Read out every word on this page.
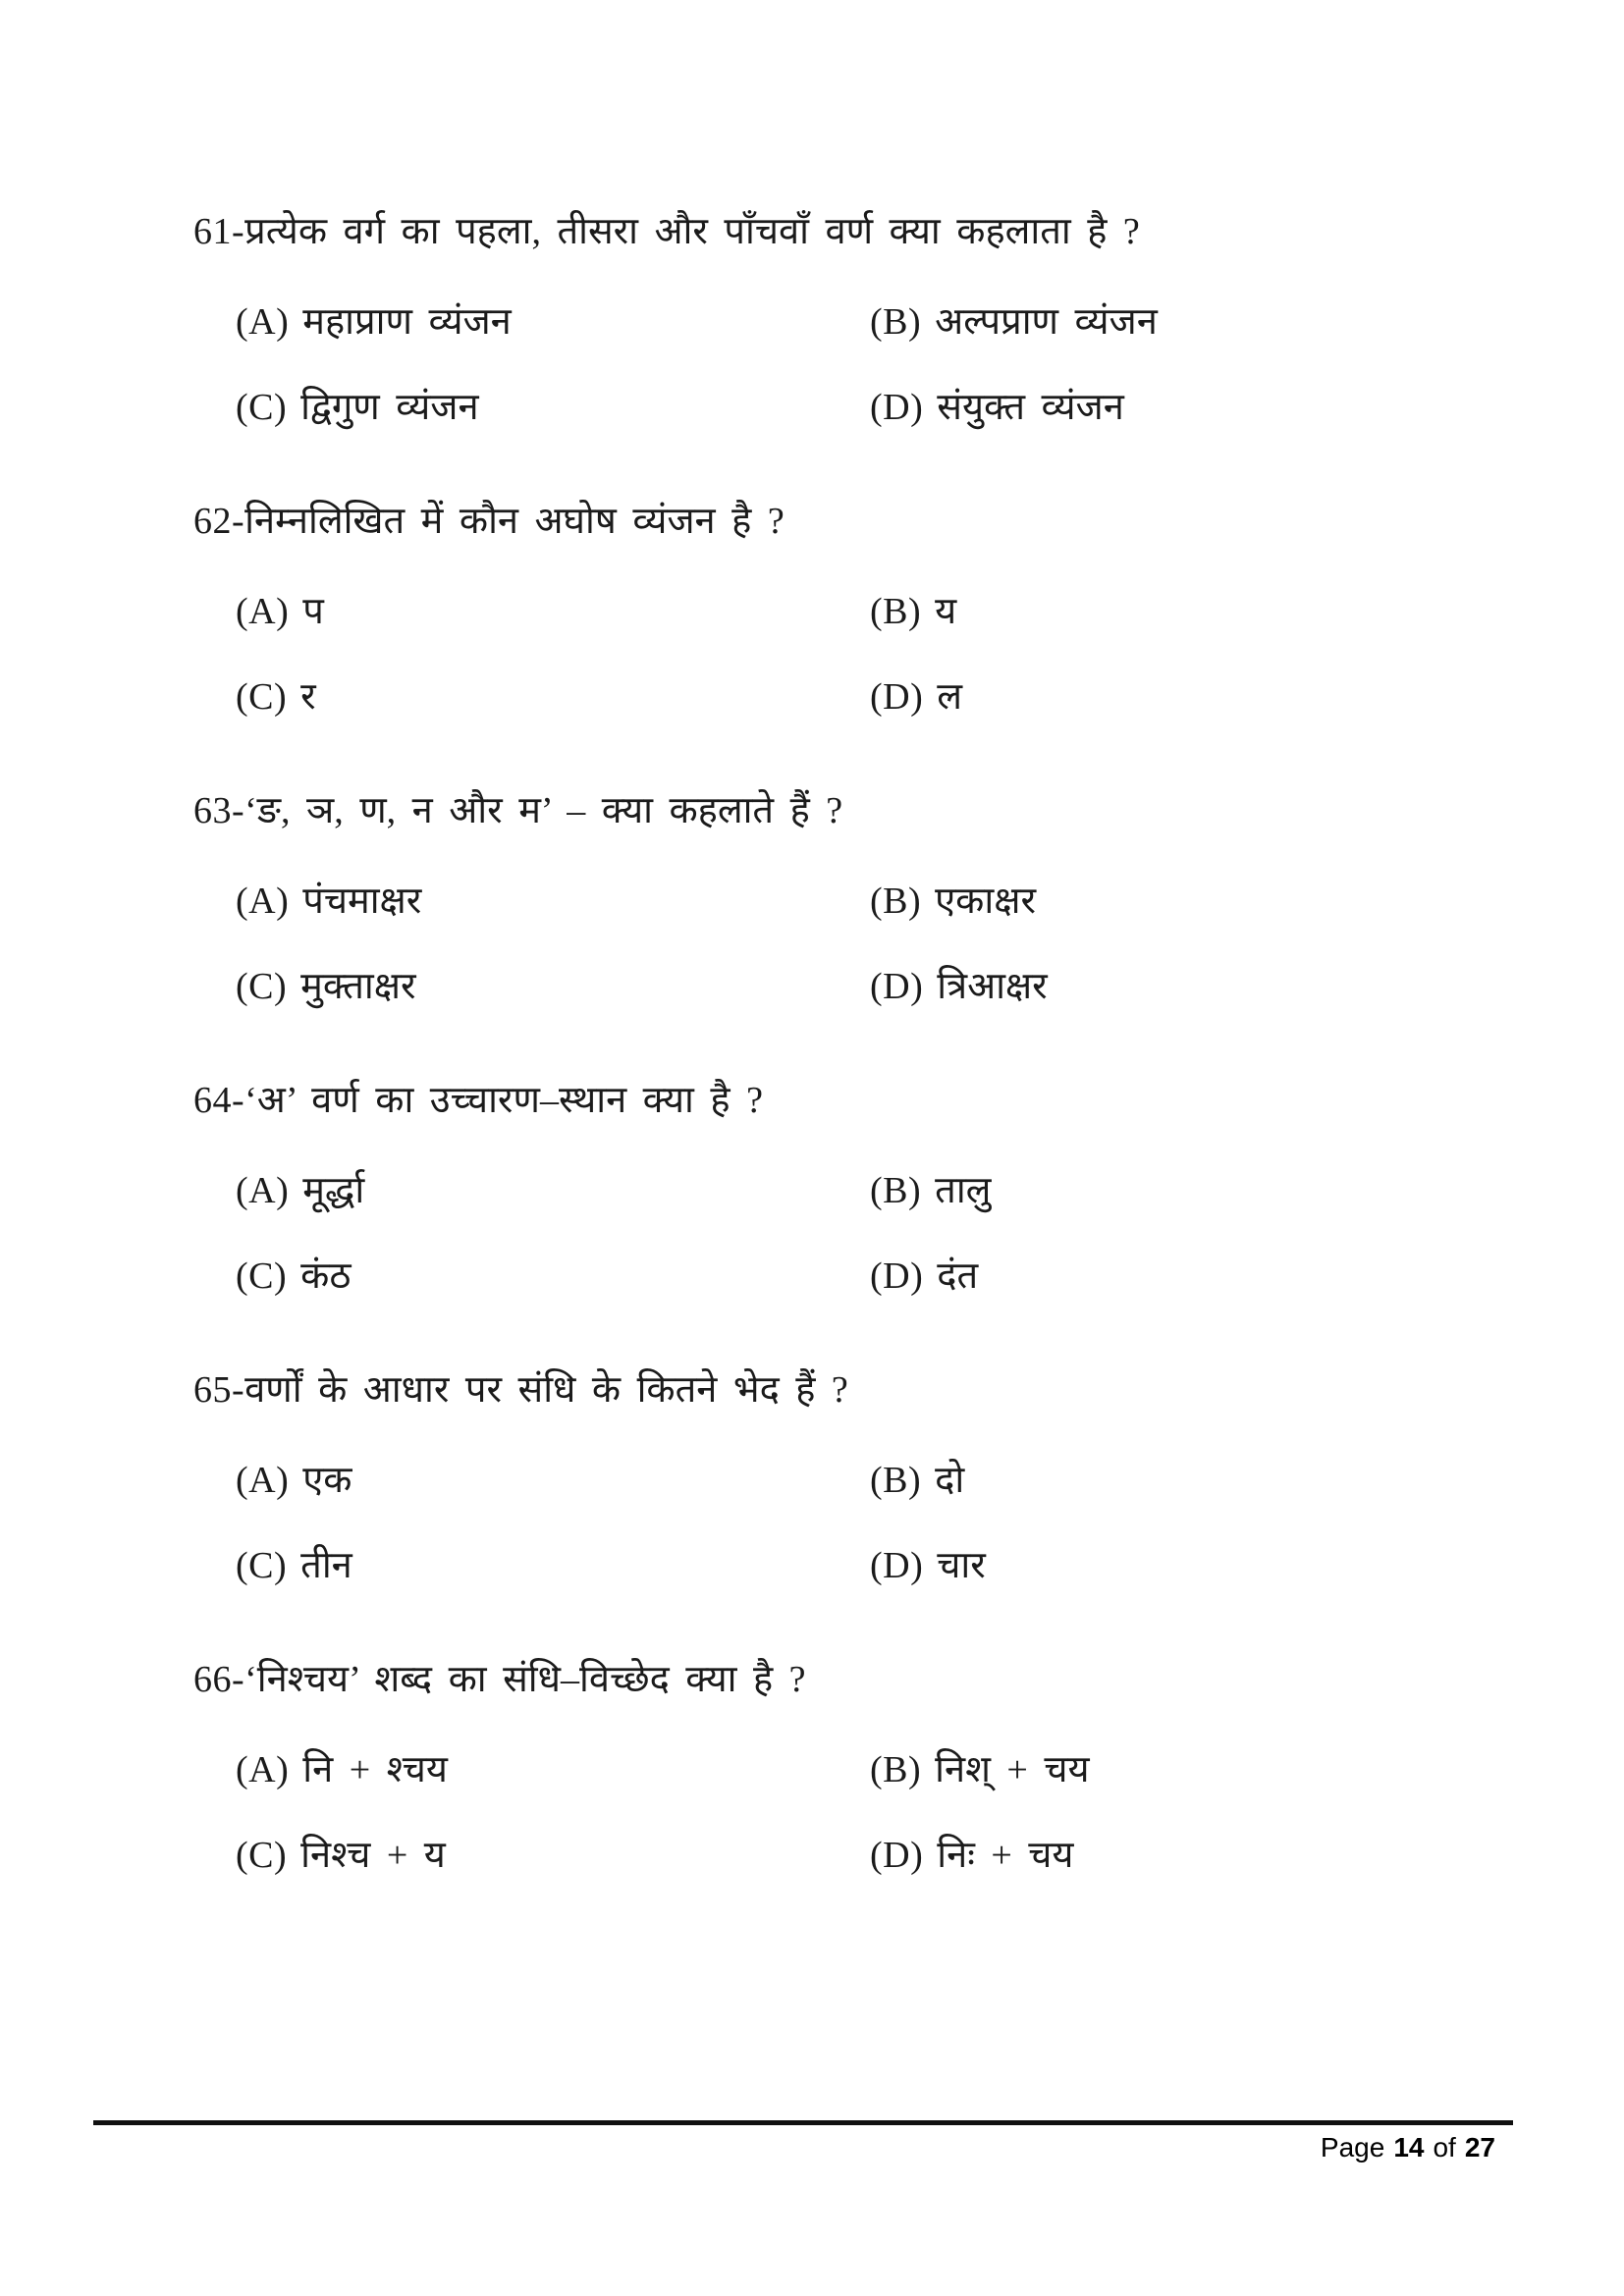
61-प्रत्येक वर्ग का पहला, तीसरा और पाँचवाँ वर्ण क्या कहलाता है ?

(A) महाप्राण व्यंजन	(B) अल्पप्राण व्यंजन
(C) द्विगुण व्यंजन	(D) संयुक्त व्यंजन

62-निम्नलिखित में कौन अघोष व्यंजन है ?

(A) प	(B) य
(C) र	(D) ल

63-‘ङ, ञ, ण, न और म’ – क्या कहलाते हैं ?

(A) पंचमाक्षर	(B) एकाक्षर
(C) मुक्ताक्षर	(D) त्रिआक्षर

64-‘अ’ वर्ण का उच्चारण–स्थान क्या है ?

(A) मूर्द्धा	(B) तालु
(C) कंठ	(D) दंत

65-वर्णों के आधार पर संधि के कितने भेद हैं ?

(A) एक	(B) दो
(C) तीन	(D) चार

66-‘निश्चय’ शब्द का संधि–विच्छेद क्या है ?

(A) नि + श्चय	(B) निश् + चय
(C) निश्च + य	(D) निः + चय
Page 14 of 27
